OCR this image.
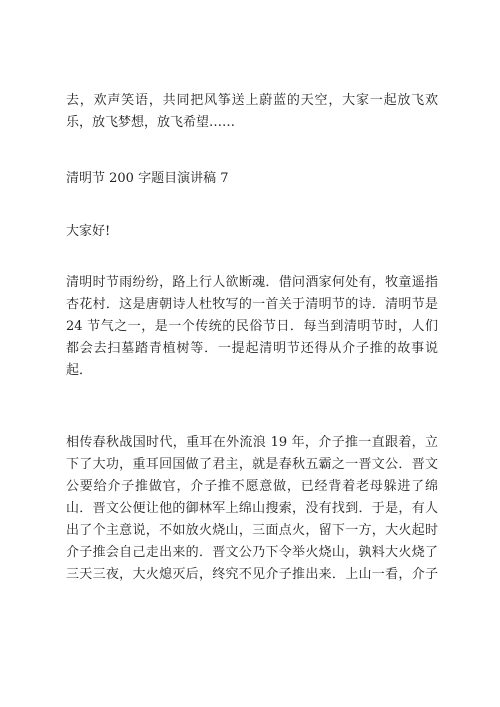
去，欢声笑语，共同把风筝送上蔚蓝的天空，大家一起放飞欢
乐，放飞梦想，放飞希望……
清明节 200 字题目演讲稿 7
大家好!
清明时节雨纷纷，路上行人欲断魂．借问酒家何处有，牧童遥指
杏花村．这是唐朝诗人杜牧写的一首关于清明节的诗．清明节是
24 节气之一，是一个传统的民俗节日．每当到清明节时，人们
都会去扫墓踏青植树等．一提起清明节还得从介子推的故事说
起．
相传春秋战国时代，重耳在外流浪 19 年，介子推一直跟着，立
下了大功，重耳回国做了君主，就是春秋五霸之一晋文公．晋文
公要给介子推做官，介子推不愿意做，已经背着老母躲进了绵
山．晋文公便让他的御林军上绵山搜索，没有找到．于是，有人
出了个主意说，不如放火烧山，三面点火，留下一方，大火起时
介子推会自己走出来的．晋文公乃下令举火烧山，孰料大火烧了
三天三夜，大火熄灭后，终究不见介子推出来．上山一看，介子
